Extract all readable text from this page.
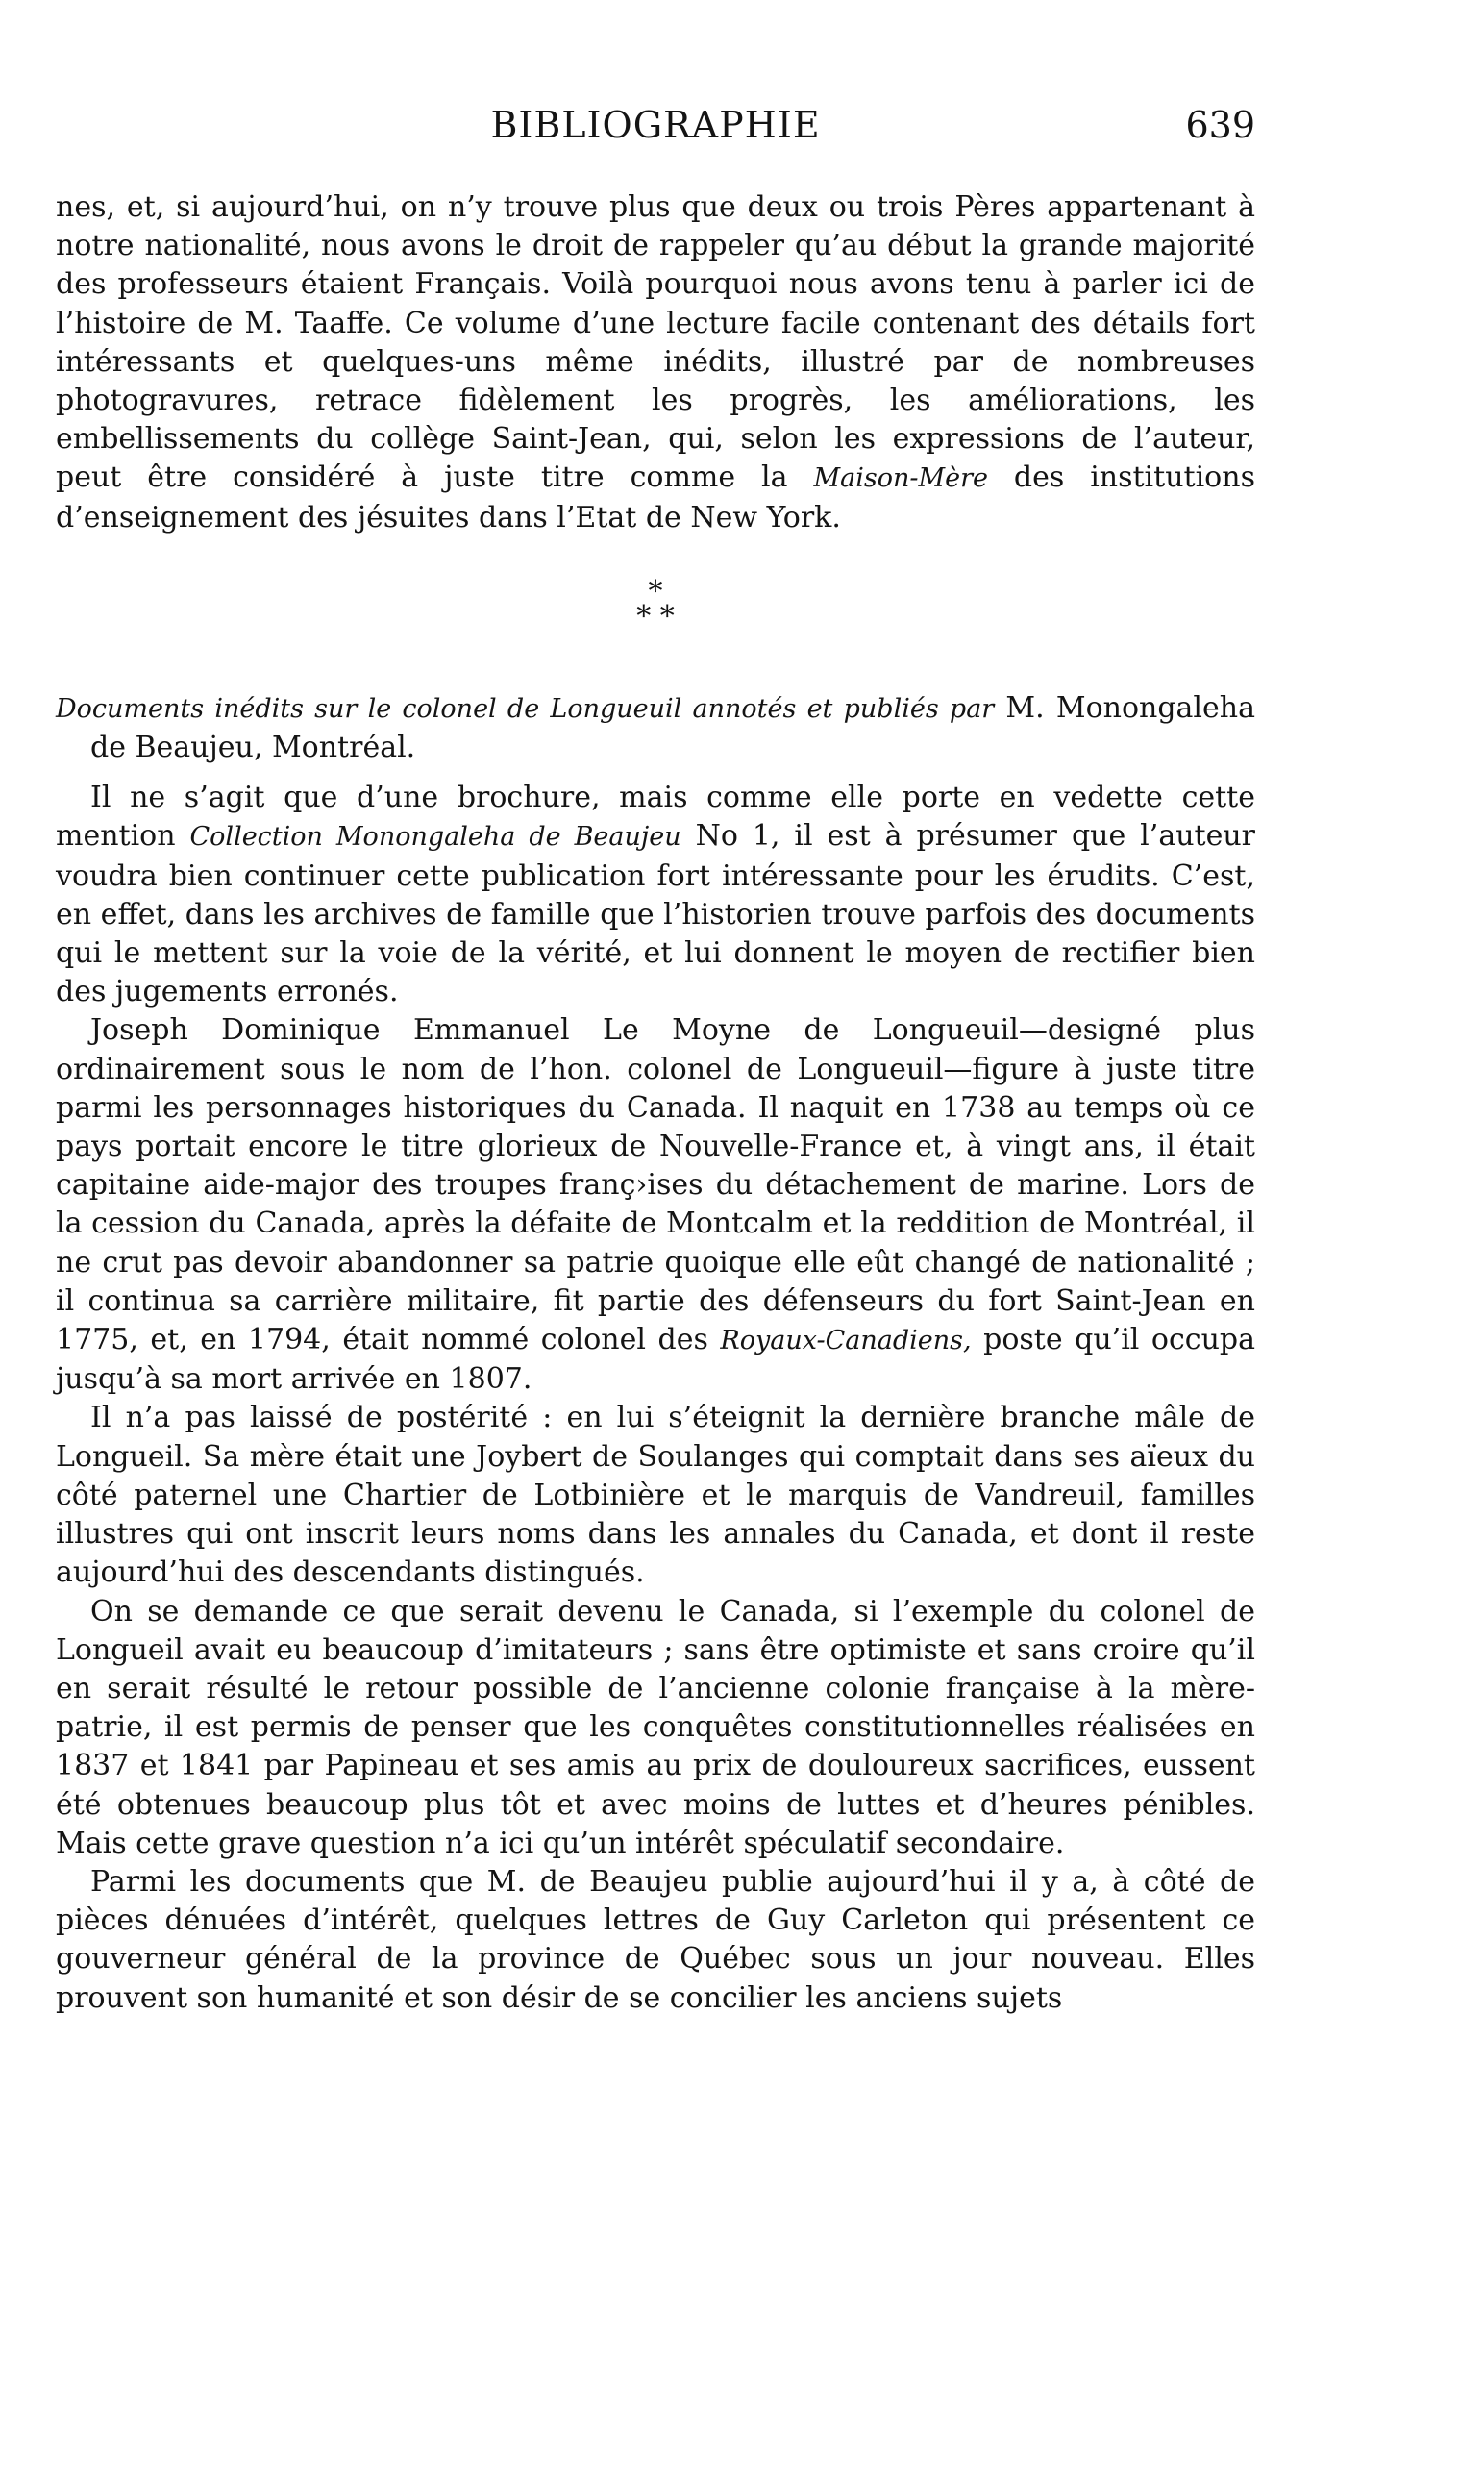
BIBLIOGRAPHIE	639

nes, et, si aujourd’hui, on n’y trouve plus que deux ou trois Pères appartenant à notre nationalité, nous avons le droit de rappeler qu’au début la grande majorité des professeurs étaient Français. Voilà pourquoi nous avons tenu à parler ici de l’histoire de M. Taaffe. Ce volume d’une lecture facile contenant des détails fort intéressants et quelques-uns même inédits, illustré par de nombreuses photogravures, retrace fidèlement les progrès, les améliorations, les embellissements du collège Saint-Jean, qui, selon les expressions de l’auteur, peut être considéré à juste titre comme la Maison-Mère des institutions d’enseignement des jésuites dans l’Etat de New York.

*
* *

Documents inédits sur le colonel de Longueuil annotés et publiés par M. Monongaleha de Beaujeu, Montréal.

Il ne s’agit que d’une brochure, mais comme elle porte en vedette cette mention Collection Monongaleha de Beaujeu No 1, il est à présumer que l’auteur voudra bien continuer cette publication fort intéressante pour les érudits. C’est, en effet, dans les archives de famille que l’historien trouve parfois des documents qui le mettent sur la voie de la vérité, et lui donnent le moyen de rectifier bien des jugements erronés.

Joseph Dominique Emmanuel Le Moyne de Longueuil—designé plus ordinairement sous le nom de l’hon. colonel de Longueuil—figure à juste titre parmi les personnages historiques du Canada. Il naquit en 1738 au temps où ce pays portait encore le titre glorieux de Nouvelle-France et, à vingt ans, il était capitaine aide-major des troupes franç›ises du détachement de marine. Lors de la cession du Canada, après la défaite de Montcalm et la reddition de Montréal, il ne crut pas devoir abandonner sa patrie quoique elle eût changé de nationalité ; il continua sa carrière militaire, fit partie des défenseurs du fort Saint-Jean en 1775, et, en 1794, était nommé colonel des Royaux-Canadiens, poste qu’il occupa jusqu’à sa mort arrivée en 1807.

Il n’a pas laissé de postérité : en lui s’éteignit la dernière branche mâle de Longueil. Sa mère était une Joybert de Soulanges qui comptait dans ses aïeux du côté paternel une Chartier de Lotbinière et le marquis de Vandreuil, familles illustres qui ont inscrit leurs noms dans les annales du Canada, et dont il reste aujourd’hui des descendants distingués.

On se demande ce que serait devenu le Canada, si l’exemple du colonel de Longueil avait eu beaucoup d’imitateurs ; sans être optimiste et sans croire qu’il en serait résulté le retour possible de l’ancienne colonie française à la mère-patrie, il est permis de penser que les conquêtes constitutionnelles réalisées en 1837 et 1841 par Papineau et ses amis au prix de douloureux sacrifices, eussent été obtenues beaucoup plus tôt et avec moins de luttes et d’heures pénibles. Mais cette grave question n’a ici qu’un intérêt spéculatif secondaire.

Parmi les documents que M. de Beaujeu publie aujourd’hui il y a, à côté de pièces dénuées d’intérêt, quelques lettres de Guy Carleton qui présentent ce gouverneur général de la province de Québec sous un jour nouveau. Elles prouvent son humanité et son désir de se concilier les anciens sujets
